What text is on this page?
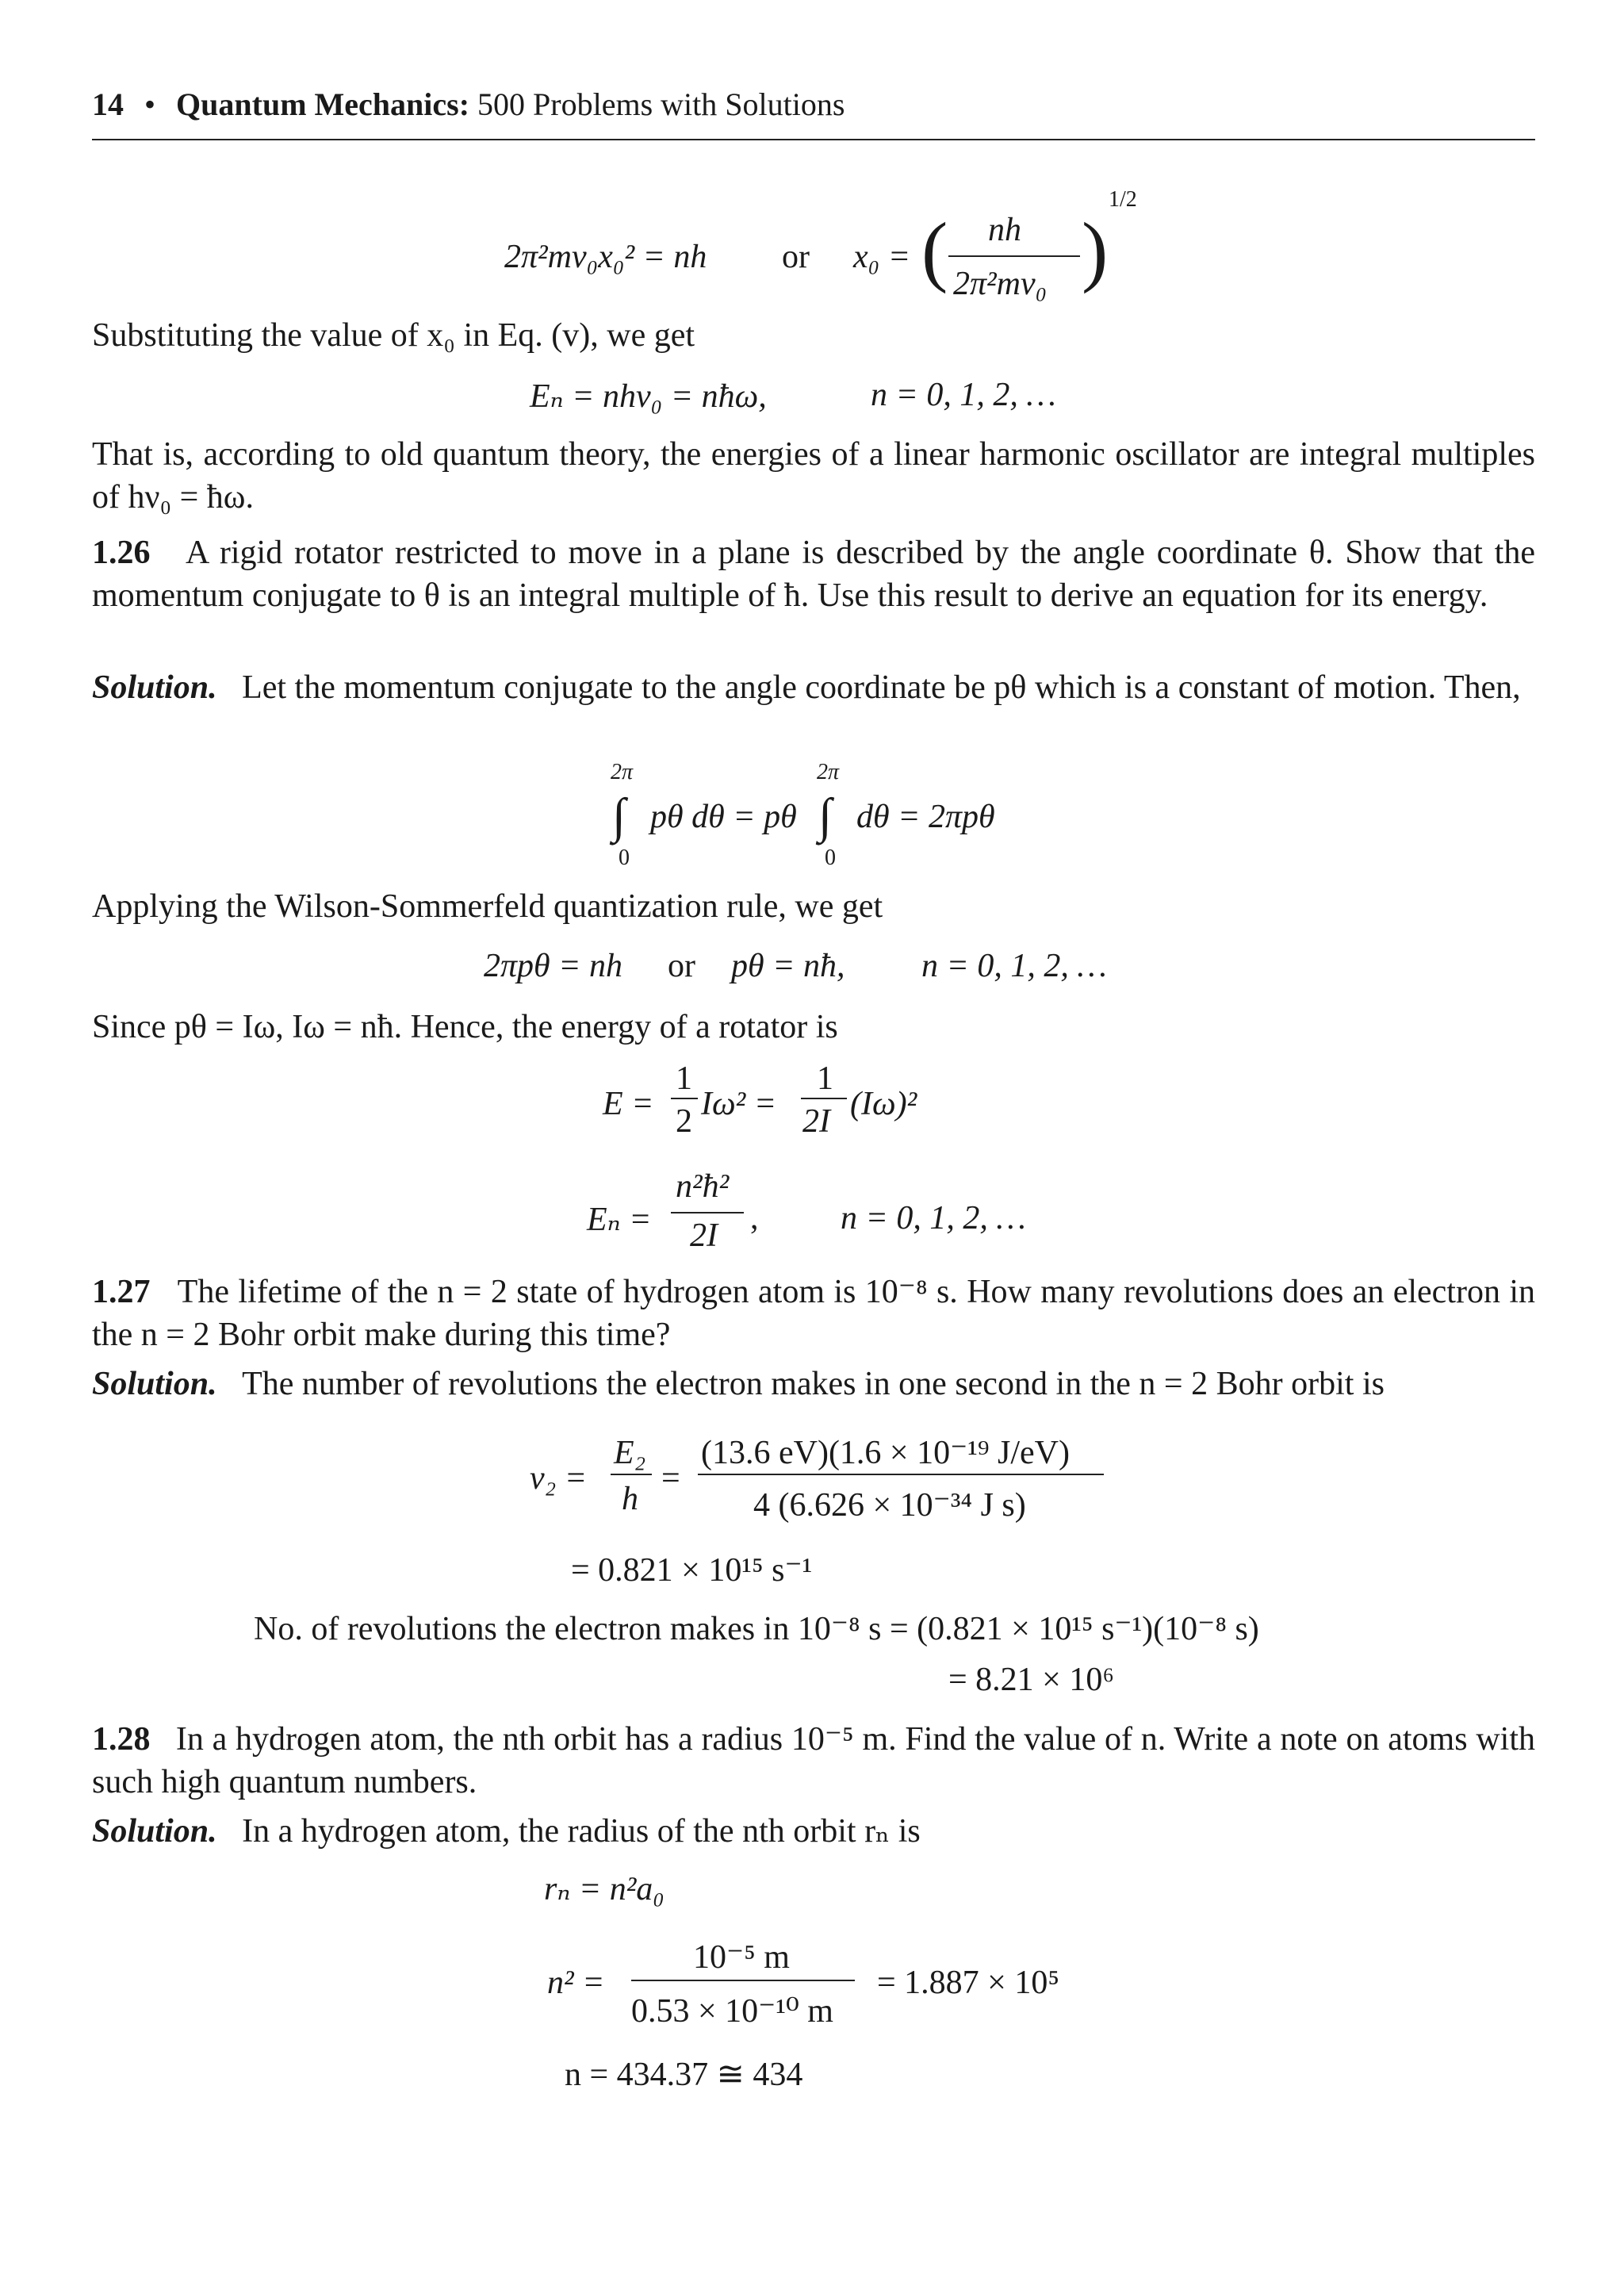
14 • Quantum Mechanics: 500 Problems with Solutions
2π²mν₀x₀² = nh or x₀ = ( nh
2π²mν₀ )
1/2
Substituting the value of x₀ in Eq. (v), we get
Eₙ = nhν₀ = nħω,	n = 0, 1, 2, …
That is, according to old quantum theory, the energies of a linear harmonic oscillator are integral multiples of hν₀ = ħω.
1.26 A rigid rotator restricted to move in a plane is described by the angle coordinate θ. Show that the momentum conjugate to θ is an integral multiple of ħ. Use this result to derive an equation for its energy.
Solution. Let the momentum conjugate to the angle coordinate be pθ which is a constant of motion. Then,
2π
∫
0
pθ dθ = pθ
2π
∫
0
dθ = 2πpθ
Applying the Wilson-Sommerfeld quantization rule, we get
2πpθ = nh or pθ = nħ, n = 0, 1, 2, …
Since pθ = Iω, Iω = nħ. Hence, the energy of a rotator is
E =
1
2 Iω² =
1
2I (Iω)²
Eₙ =
n²ħ²
2I , n = 0, 1, 2, …
1.27 The lifetime of the n = 2 state of hydrogen atom is 10⁻⁸ s. How many revolutions does an electron in the n = 2 Bohr orbit make during this time?
Solution. The number of revolutions the electron makes in one second in the n = 2 Bohr orbit is
ν₂ =
E₂
h
=
(13.6 eV)(1.6 × 10⁻¹⁹ J/eV)
4 (6.626 × 10⁻³⁴ J s)
= 0.821 × 10¹⁵ s⁻¹
No. of revolutions the electron makes in 10⁻⁸ s = (0.821 × 10¹⁵ s⁻¹)(10⁻⁸ s)
= 8.21 × 10⁶
1.28 In a hydrogen atom, the nth orbit has a radius 10⁻⁵ m. Find the value of n. Write a note on atoms with such high quantum numbers.
Solution. In a hydrogen atom, the radius of the nth orbit rₙ is
rₙ = n²a₀
n² =
10⁻⁵ m
0.53 × 10⁻¹⁰ m
= 1.887 × 10⁵
n = 434.37 ≅ 434
